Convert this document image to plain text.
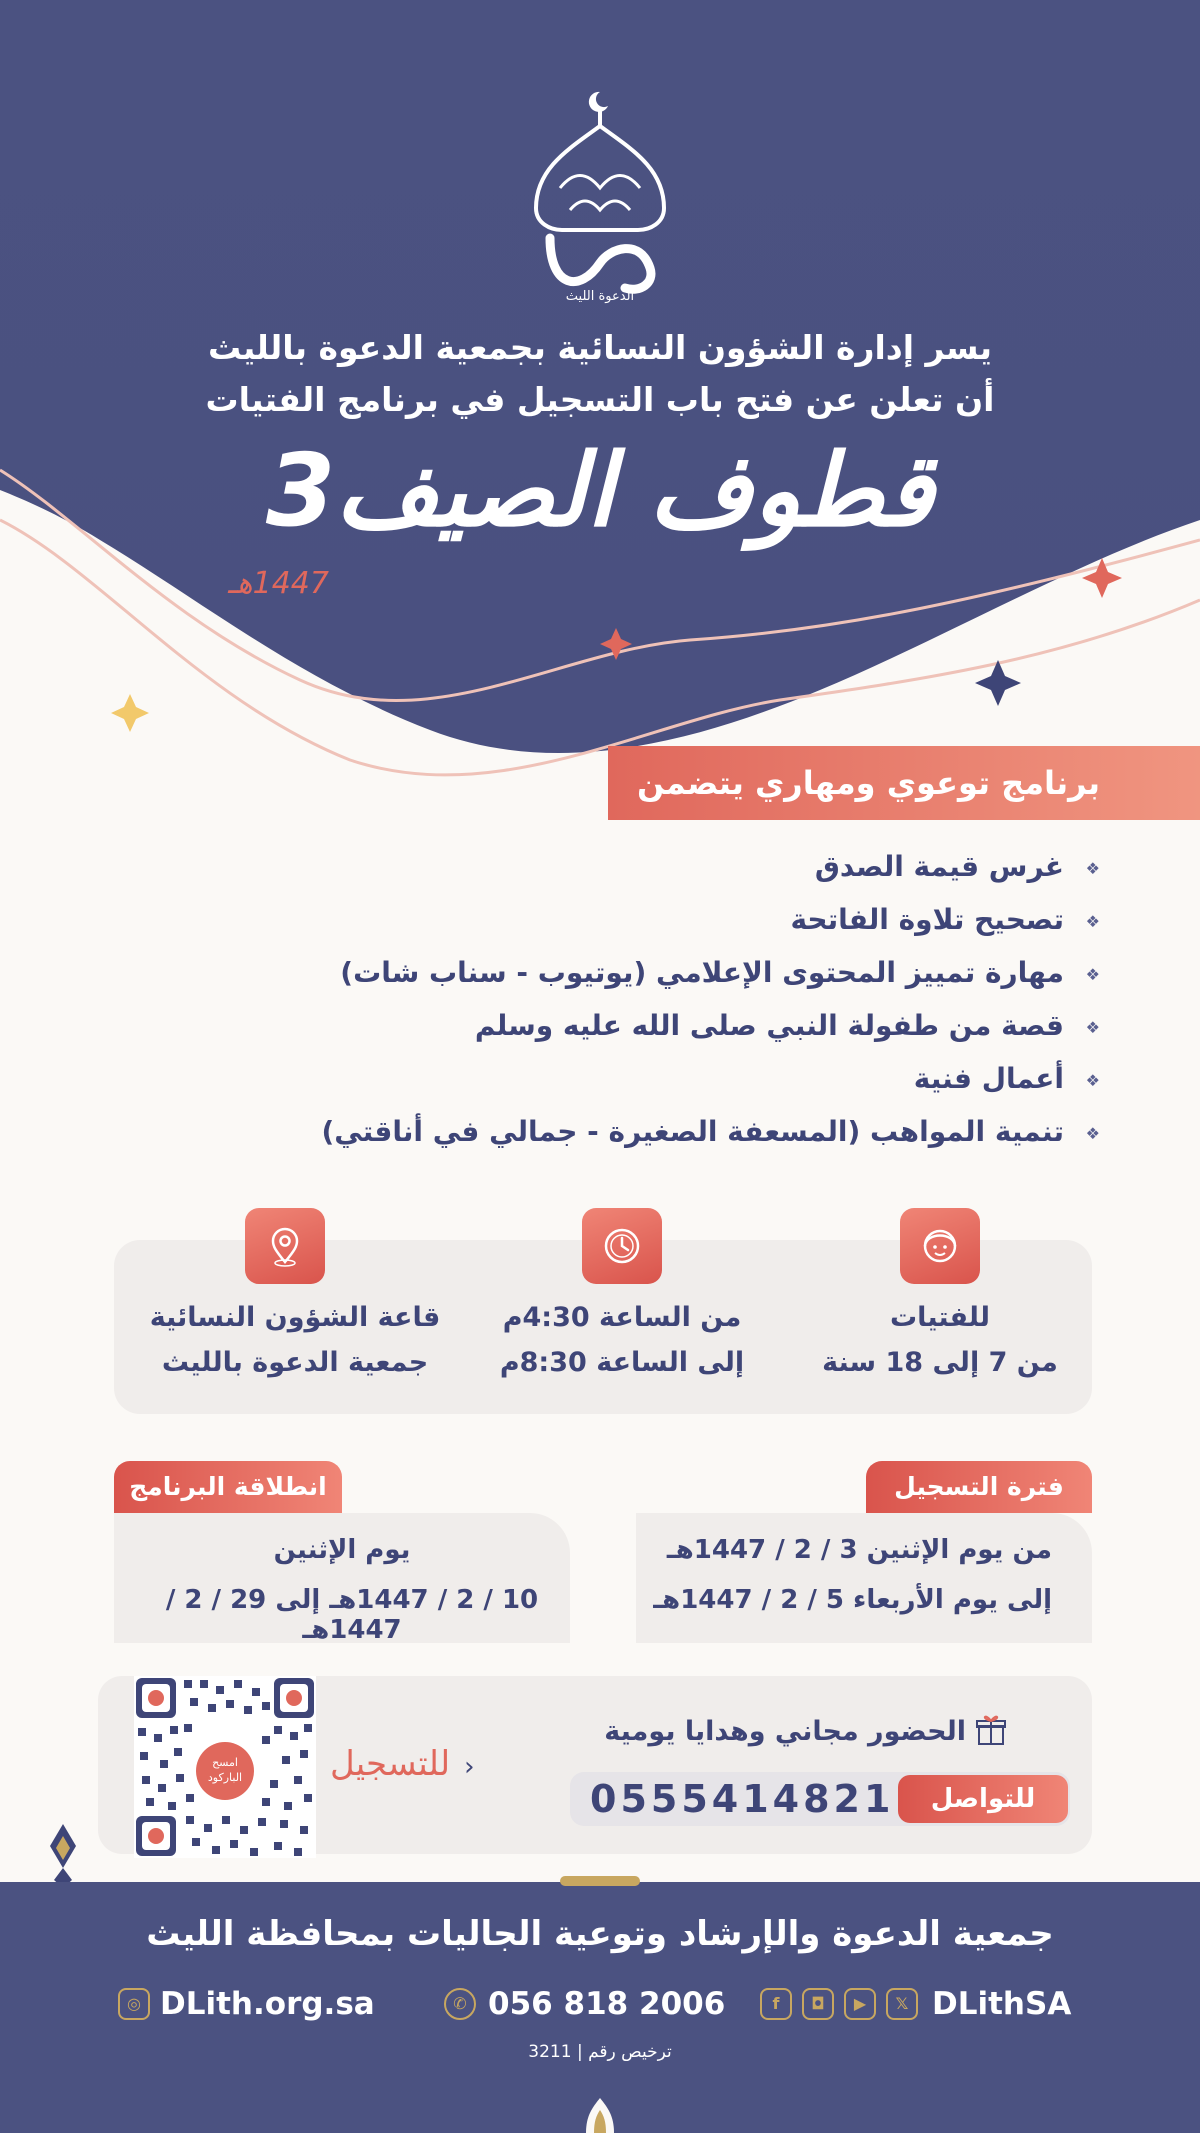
الدعوة الليث
يسر إدارة الشؤون النسائية بجمعية الدعوة بالليث
أن تعلن عن فتح باب التسجيل في برنامج الفتيات
قطوف الصيف3
1447هـ
برنامج توعوي ومهاري يتضمن
❖غرس قيمة الصدق
❖تصحيح تلاوة الفاتحة
❖مهارة تمييز المحتوى الإعلامي (يوتيوب - سناب شات)
❖قصة من طفولة النبي صلى الله عليه وسلم
❖أعمال فنية
❖تنمية المواهب (المسعفة الصغيرة - جمالي في أناقتي)
للفتيات
من 7 إلى 18 سنة
من الساعة 4:30م
إلى الساعة 8:30م
قاعة الشؤون النسائية
جمعية الدعوة بالليث
فترة التسجيل
من يوم الإثنين 3 / 2 / 1447هـ
إلى يوم الأربعاء 5 / 2 / 1447هـ
انطلاقة البرنامج
يوم الإثنين
10 / 2 / 1447هـ إلى 29 / 2 / 1447هـ
امسح الباركود	‹للتسجيل
الحضور مجاني وهدايا يومية
0555414821	للتواصل
جمعية الدعوة والإرشاد وتوعية الجاليات بمحافظة الليث
◎ DLith.org.sa	✆ 056 818 2006	f	◘	▶	𝕏 DLithSA
ترخيص رقم | 3211
